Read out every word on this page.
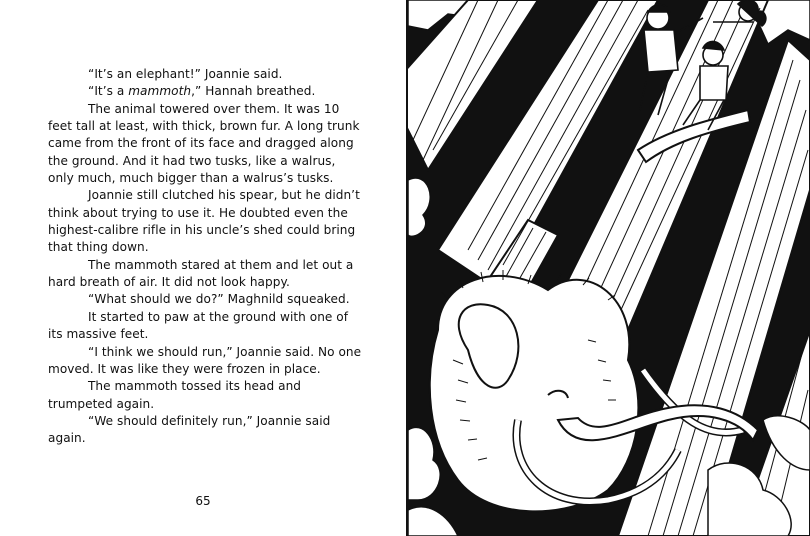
“It’s an elephant!” Joannie said.

“It’s a mammoth,” Hannah breathed.

The animal towered over them. It was 10 feet tall at least, with thick, brown fur. A long trunk came from the front of its face and dragged along the ground. And it had two tusks, like a walrus, only much, much bigger than a walrus’s tusks.

Joannie still clutched his spear, but he didn’t think about trying to use it. He doubted even the highest-calibre rifle in his uncle’s shed could bring that thing down.

The mammoth stared at them and let out a hard breath of air. It did not look happy.

“What should we do?” Maghnild squeaked.

It started to paw at the ground with one of its massive feet.

“I think we should run,” Joannie said. No one moved. It was like they were frozen in place.

The mammoth tossed its head and trumpeted again.

“We should definitely run,” Joannie said again.

65
